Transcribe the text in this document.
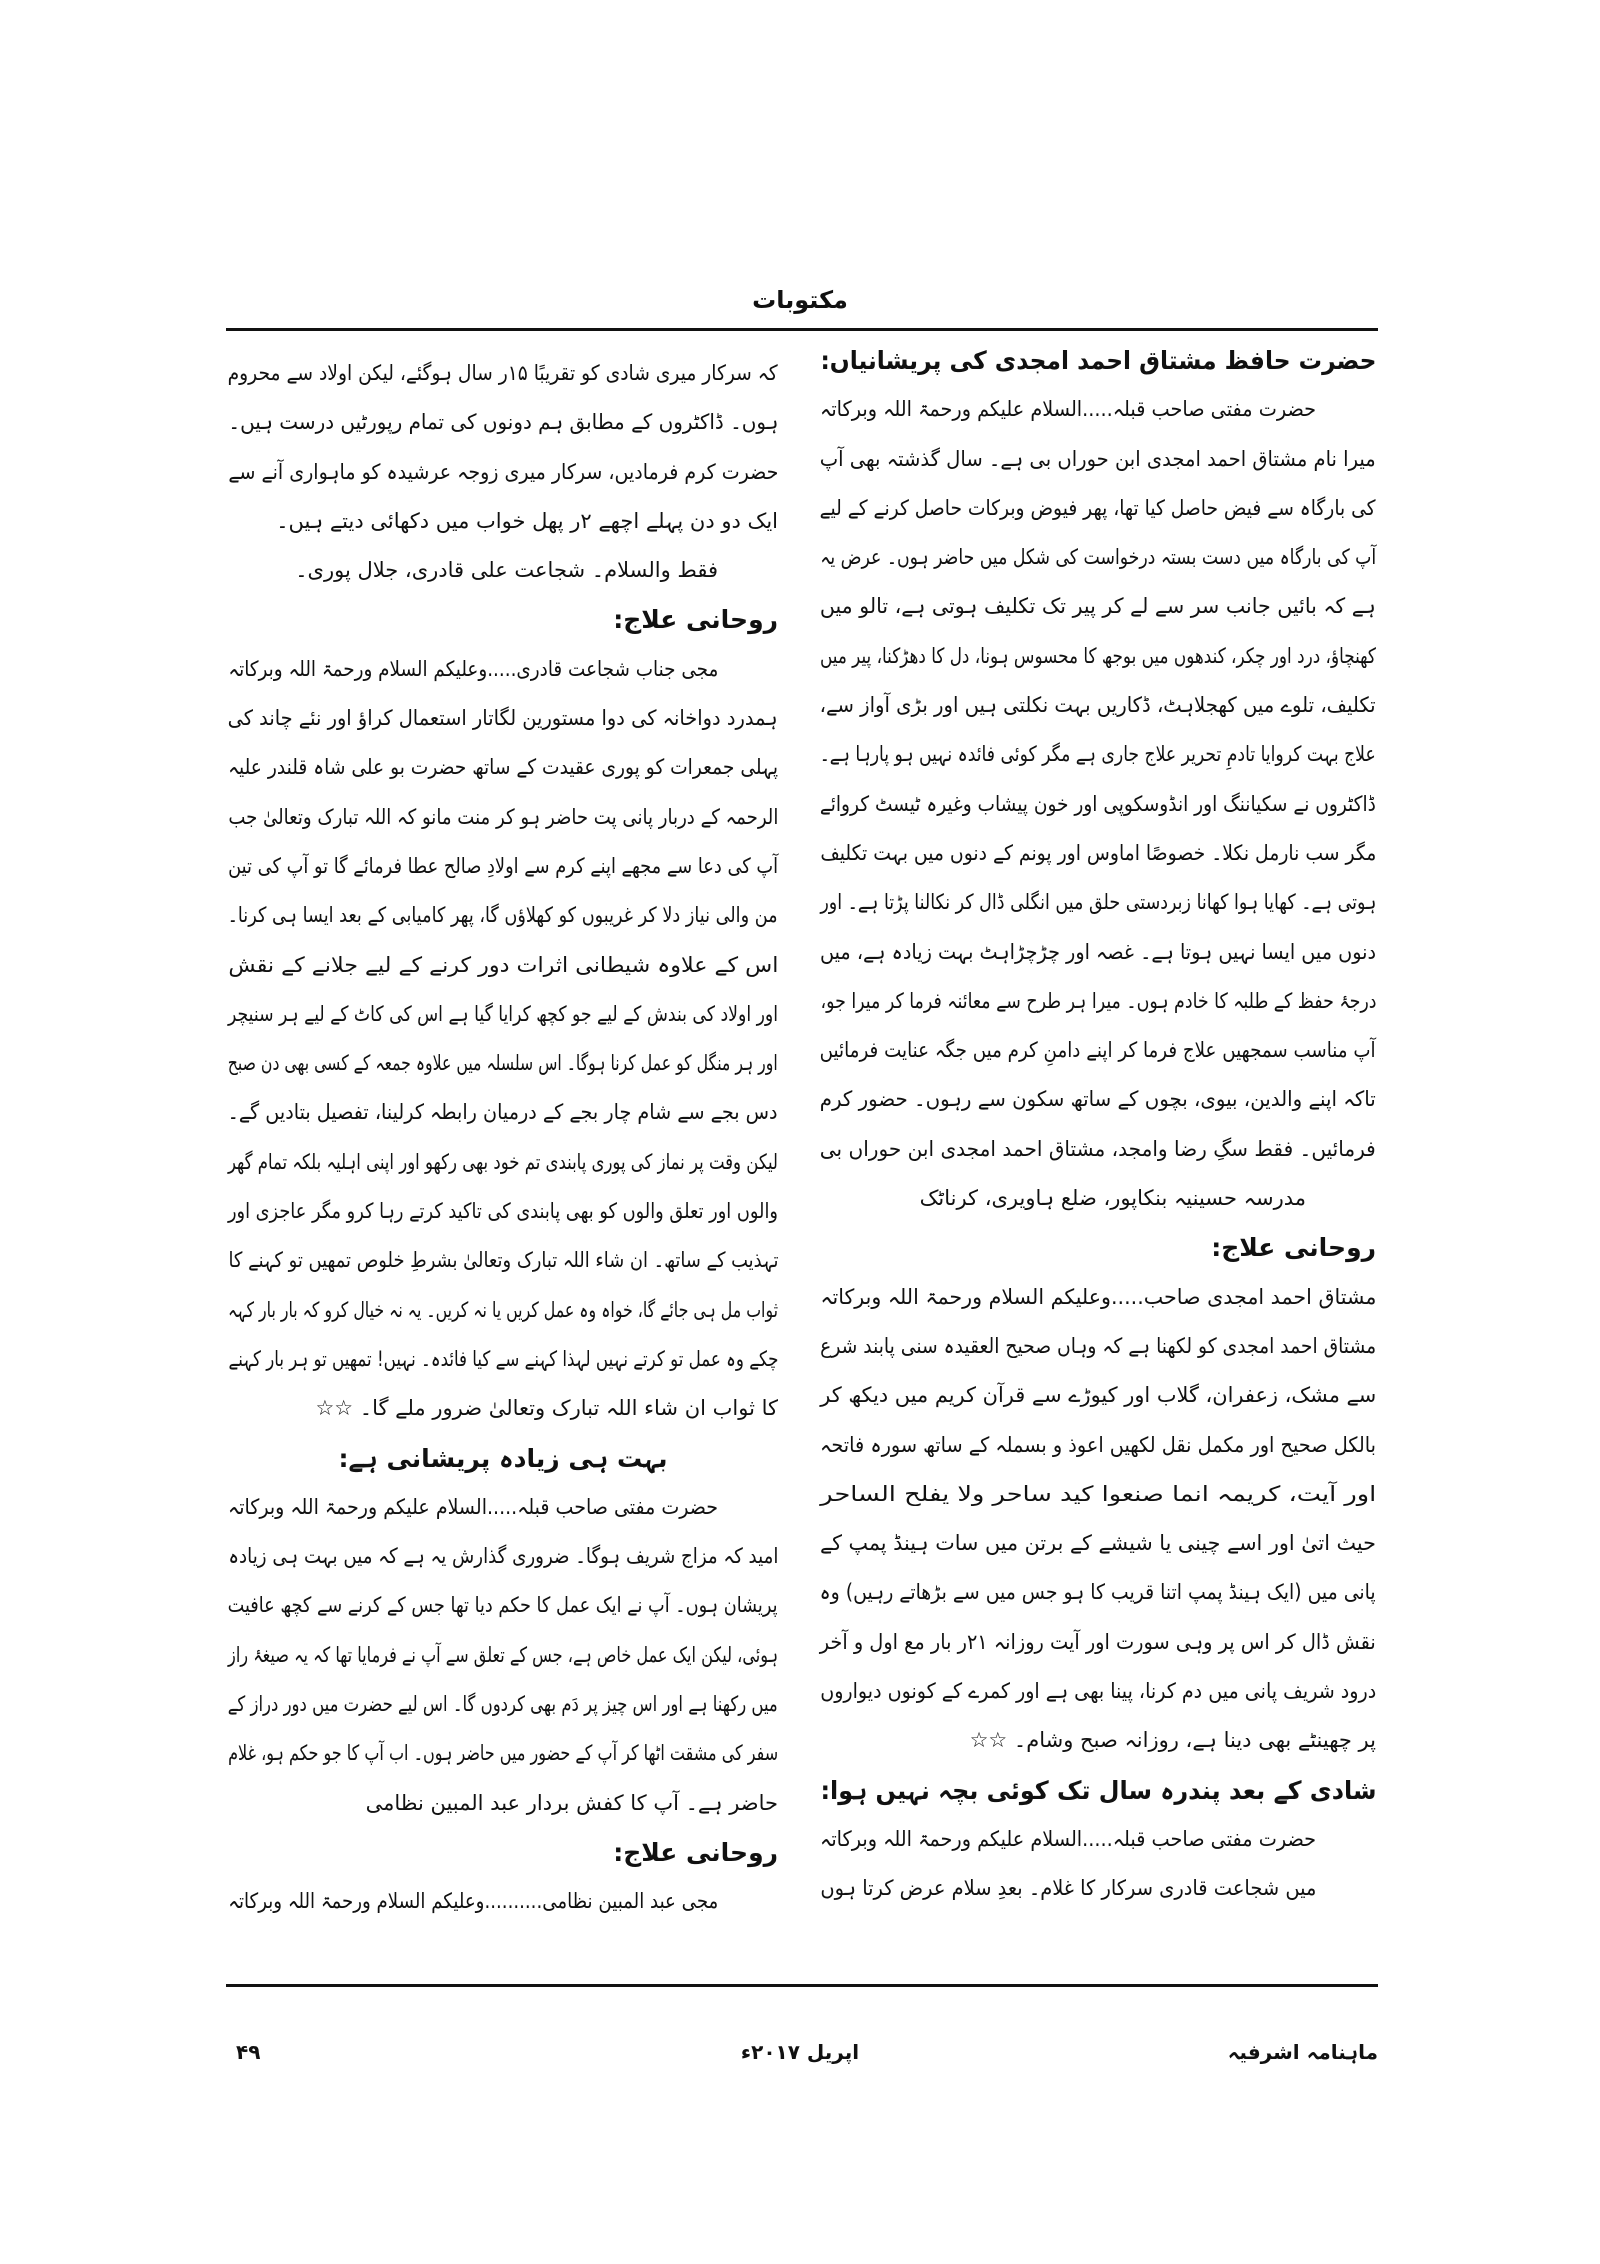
مکتوبات
حضرت حافظ مشتاق احمد امجدی کی پریشانیاں:
حضرت مفتی صاحب قبلہ.....السلام علیکم ورحمۃ اللہ وبرکاتہ
میرا نام مشتاق احمد امجدی ابن حوراں بی ہے۔ سال گذشتہ بھی آپ
کی بارگاہ سے فیض حاصل کیا تھا، پھر فیوض وبرکات حاصل کرنے کے لیے
آپ کی بارگاہ میں دست بستہ درخواست کی شکل میں حاضر ہوں۔ عرض یہ
ہے کہ بائیں جانب سر سے لے کر پیر تک تکلیف ہوتی ہے، تالو میں
کھنچاؤ، درد اور چکر، کندھوں میں بوجھ کا محسوس ہونا، دل کا دھڑکنا، پیر میں
تکلیف، تلوے میں کھجلاہٹ، ڈکاریں بہت نکلتی ہیں اور بڑی آواز سے،
علاج بہت کروایا تادمِ تحریر علاج جاری ہے مگر کوئی فائدہ نہیں ہو پارہا ہے۔
ڈاکٹروں نے سکیاننگ اور انڈوسکوپی اور خون پیشاب وغیرہ ٹیسٹ کروائے
مگر سب نارمل نکلا۔ خصوصًا اماوس اور پونم کے دنوں میں بہت تکلیف
ہوتی ہے۔ کھایا ہوا کھانا زبردستی حلق میں انگلی ڈال کر نکالنا پڑتا ہے۔ اور
دنوں میں ایسا نہیں ہوتا ہے۔ غصہ اور چڑچڑاہٹ بہت زیادہ ہے، میں
درجۂ حفظ کے طلبہ کا خادم ہوں۔ میرا ہر طرح سے معائنہ فرما کر میرا جو،
آپ مناسب سمجھیں علاج فرما کر اپنے دامنِ کرم میں جگہ عنایت فرمائیں
تاکہ اپنے والدین، بیوی، بچوں کے ساتھ سکون سے رہوں۔ حضور کرم
فرمائیں۔ فقط سگِ رضا وامجد، مشتاق احمد امجدی ابن حوراں بی
مدرسہ حسینیہ بنکاپور، ضلع ہاویری، کرناٹک
روحانی علاج:
مشتاق احمد امجدی صاحب.....وعلیکم السلام ورحمۃ اللہ وبرکاتہ
مشتاق احمد امجدی کو لکھنا ہے کہ وہاں صحیح العقیدہ سنی پابند شرع
سے مشک، زعفران، گلاب اور کیوڑے سے قرآن کریم میں دیکھ کر
بالکل صحیح اور مکمل نقل لکھیں اعوذ و بسملہ کے ساتھ سورہ فاتحہ
اور آیت، کریمہ انما صنعوا کید ساحر ولا یفلح الساحر
حیث اتیٰ اور اسے چینی یا شیشے کے برتن میں سات ہینڈ پمپ کے
پانی میں (ایک ہینڈ پمپ اتنا قریب کا ہو جس میں سے بڑھاتے رہیں) وہ
نقش ڈال کر اس پر وہی سورت اور آیت روزانہ ۲۱ر بار مع اول و آخر
درود شریف پانی میں دم کرنا، پینا بھی ہے اور کمرے کے کونوں دیواروں
پر چھینٹے بھی دینا ہے، روزانہ صبح وشام۔ ☆☆
شادی کے بعد پندرہ سال تک کوئی بچہ نہیں ہوا:
حضرت مفتی صاحب قبلہ.....السلام علیکم ورحمۃ اللہ وبرکاتہ
میں شجاعت قادری سرکار کا غلام۔ بعدِ سلام عرض کرتا ہوں
کہ سرکار میری شادی کو تقریبًا ۱۵ر سال ہوگئے، لیکن اولاد سے محروم
ہوں۔ ڈاکٹروں کے مطابق ہم دونوں کی تمام رپورٹیں درست ہیں۔
حضرت کرم فرمادیں، سرکار میری زوجہ عرشیدہ کو ماہواری آنے سے
ایک دو دن پہلے اچھے ۲ر پھل خواب میں دکھائی دیتے ہیں۔
فقط والسلام۔ شجاعت علی قادری، جلال پوری۔
روحانی علاج:
مجی جناب شجاعت قادری.....وعلیکم السلام ورحمۃ اللہ وبرکاتہ
ہمدرد دواخانہ کی دوا مستورین لگاتار استعمال کراؤ اور نئے چاند کی
پہلی جمعرات کو پوری عقیدت کے ساتھ حضرت بو علی شاہ قلندر علیہ
الرحمہ کے دربار پانی پت حاضر ہو کر منت مانو کہ اللہ تبارک وتعالیٰ جب
آپ کی دعا سے مجھے اپنے کرم سے اولادِ صالح عطا فرمائے گا تو آپ کی تین
من والی نیاز دلا کر غریبوں کو کھلاؤں گا، پھر کامیابی کے بعد ایسا ہی کرنا۔
اس کے علاوہ شیطانی اثرات دور کرنے کے لیے جلانے کے نقش
اور اولاد کی بندش کے لیے جو کچھ کرایا گیا ہے اس کی کاٹ کے لیے ہر سنیچر
اور ہر منگل کو عمل کرنا ہوگا۔ اس سلسلہ میں علاوہ جمعہ کے کسی بھی دن صبح
دس بجے سے شام چار بجے کے درمیان رابطہ کرلینا، تفصیل بتادیں گے۔
لیکن وقت پر نماز کی پوری پابندی تم خود بھی رکھو اور اپنی اہلیہ بلکہ تمام گھر
والوں اور تعلق والوں کو بھی پابندی کی تاکید کرتے رہا کرو مگر عاجزی اور
تہذیب کے ساتھ۔ ان شاء اللہ تبارک وتعالیٰ بشرطِ خلوص تمھیں تو کہنے کا
ثواب مل ہی جائے گا، خواہ وہ عمل کریں یا نہ کریں۔ یہ نہ خیال کرو کہ بار بار کہہ
چکے وہ عمل تو کرتے نہیں لہذا کہنے سے کیا فائدہ۔ نہیں! تمھیں تو ہر بار کہنے
کا ثواب ان شاء اللہ تبارک وتعالیٰ ضرور ملے گا۔ ☆☆
بہت ہی زیادہ پریشانی ہے:
حضرت مفتی صاحب قبلہ.....السلام علیکم ورحمۃ اللہ وبرکاتہ
امید کہ مزاج شریف ہوگا۔ ضروری گذارش یہ ہے کہ میں بہت ہی زیادہ
پریشان ہوں۔ آپ نے ایک عمل کا حکم دیا تھا جس کے کرنے سے کچھ عافیت
ہوئی، لیکن ایک عمل خاص ہے، جس کے تعلق سے آپ نے فرمایا تھا کہ یہ صیغۂ راز
میں رکھنا ہے اور اس چیز پر دَم بھی کردوں گا۔ اس لیے حضرت میں دور دراز کے
سفر کی مشقت اٹھا کر آپ کے حضور میں حاضر ہوں۔ اب آپ کا جو حکم ہو، غلام
حاضر ہے۔ آپ کا کفش بردار عبد المبین نظامی
روحانی علاج:
مجی عبد المبین نظامی..........وعلیکم السلام ورحمۃ اللہ وبرکاتہ
ماہنامہ اشرفیہ
اپریل ۲۰۱۷ء
۴۹
